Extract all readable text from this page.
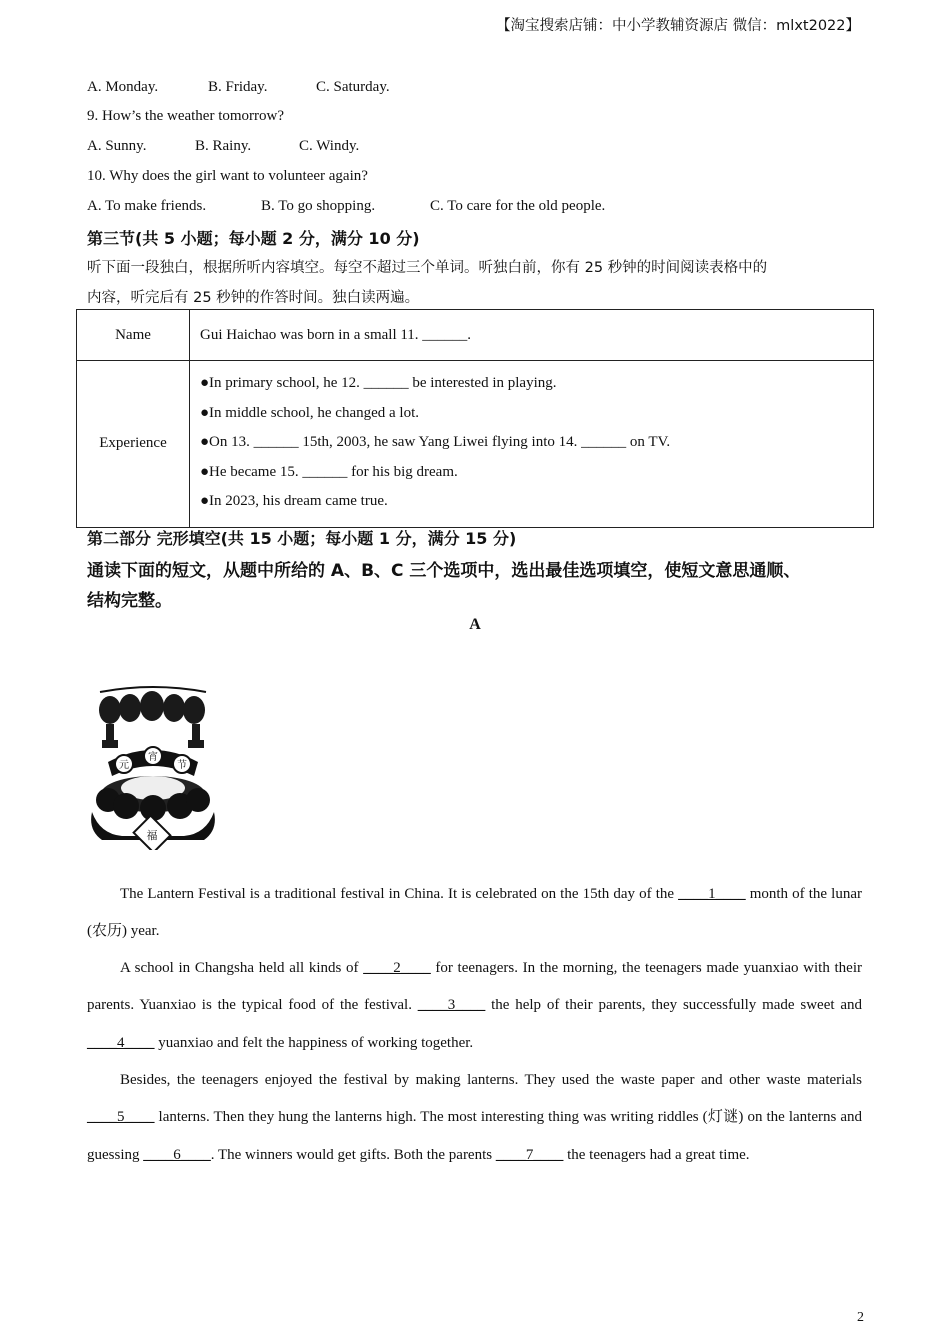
【淘宝搜索店铺：中小学教辅资源店 微信：mlxt2022】
A. Monday.	B. Friday.	C. Saturday.
9. How’s the weather tomorrow?
A. Sunny.	B. Rainy.	C. Windy.
10. Why does the girl want to volunteer again?
A. To make friends.	B. To go shopping.	C. To care for the old people.
第三节(共 5 小题；每小题 2 分，满分 10 分)
听下面一段独白，根据所听内容填空。每空不超过三个单词。听独白前，你有 25 秒钟的时间阅读表格中的
内容，听完后有 25 秒钟的作答时间。独白读两遍。
Name	Gui Haichao was born in a small 11. ______.
Experience	●In primary school, he 12. ______ be interested in playing.
●In middle school, he changed a lot.
●On 13. ______ 15th, 2003, he saw Yang Liwei flying into 14. ______ on TV.
●He became 15. ______ for his big dream.
●In 2023, his dream came true.
第二部分 完形填空(共 15 小题；每小题 1 分，满分 15 分)
通读下面的短文，从题中所给的 A、B、C 三个选项中，选出最佳选项填空，使短文意思通顺、
结构完整。
A
元
宵
节
福
The Lantern Festival is a traditional festival in China. It is celebrated on the 15th day of the ____1____ month of the lunar (农历) year.
A school in Changsha held all kinds of ____2____ for teenagers. In the morning, the teenagers made yuanxiao with their parents. Yuanxiao is the typical food of the festival. ____3____ the help of their parents, they successfully made sweet and ____4____ yuanxiao and felt the happiness of working together.
Besides, the teenagers enjoyed the festival by making lanterns. They used the waste paper and other waste materials ____5____ lanterns. Then they hung the lanterns high. The most interesting thing was writing riddles (灯谜) on the lanterns and guessing ____6____. The winners would get gifts. Both the parents ____7____ the teenagers had a great time.
2
